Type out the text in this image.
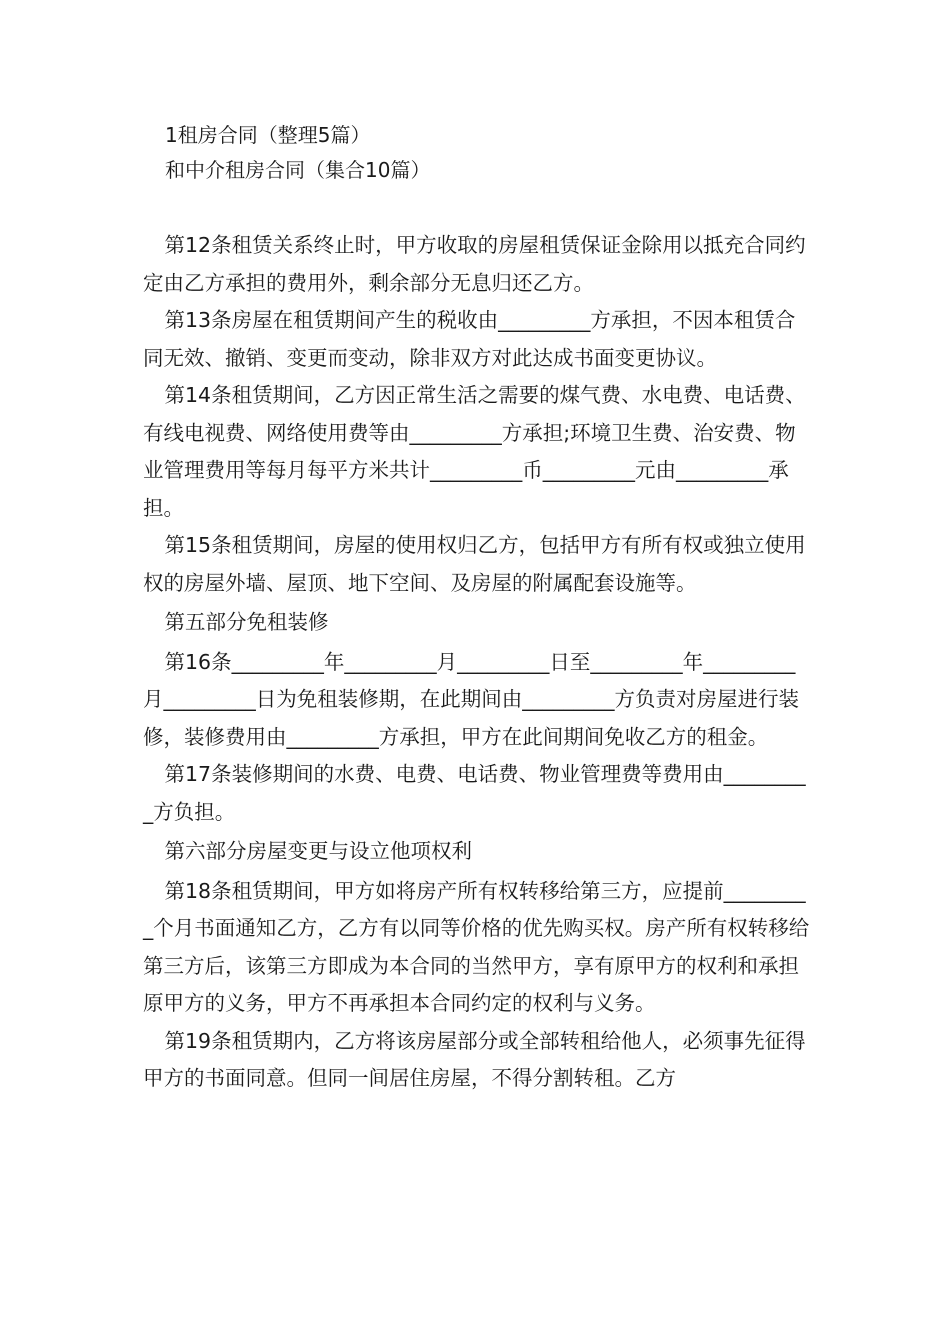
1租房合同（整理5篇）
和中介租房合同（集合10篇）

第12条租赁关系终止时，甲方收取的房屋租赁保证金除用以抵充合同约定由乙方承担的费用外，剩余部分无息归还乙方。

第13条房屋在租赁期间产生的税收由_________方承担，不因本租赁合同无效、撤销、变更而变动，除非双方对此达成书面变更协议。

第14条租赁期间，乙方因正常生活之需要的煤气费、水电费、电话费、有线电视费、网络使用费等由_________方承担;环境卫生费、治安费、物业管理费用等每月每平方米共计_________币_________元由_________承担。

第15条租赁期间，房屋的使用权归乙方，包括甲方有所有权或独立使用权的房屋外墙、屋顶、地下空间、及房屋的附属配套设施等。

第五部分免租装修

第16条_________年_________月_________日至_________年_________月_________日为免租装修期，在此期间由_________方负责对房屋进行装修，装修费用由_________方承担，甲方在此间期间免收乙方的租金。

第17条装修期间的水费、电费、电话费、物业管理费等费用由_________方负担。

第六部分房屋变更与设立他项权利

第18条租赁期间，甲方如将房产所有权转移给第三方，应提前_________个月书面通知乙方，乙方有以同等价格的优先购买权。房产所有权转移给第三方后，该第三方即成为本合同的当然甲方，享有原甲方的权利和承担原甲方的义务，甲方不再承担本合同约定的权利与义务。

第19条租赁期内，乙方将该房屋部分或全部转租给他人，必须事先征得甲方的书面同意。但同一间居住房屋，不得分割转租。乙方
